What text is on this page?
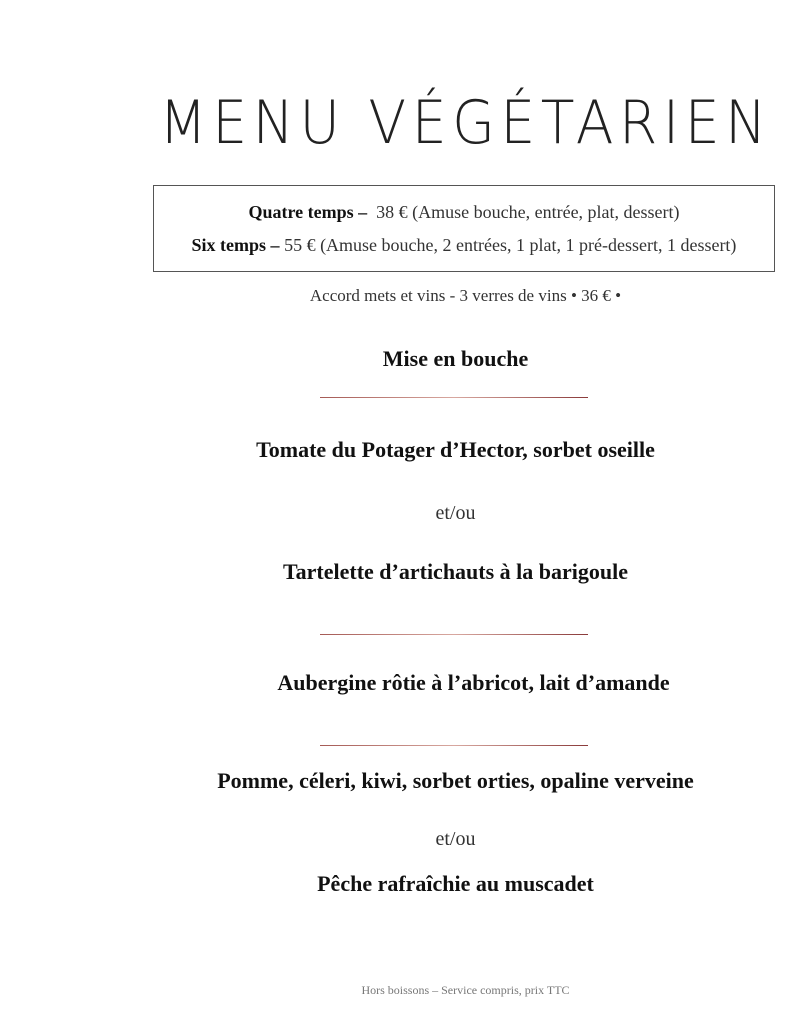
MENU VÉGÉTARIEN
Quatre temps – 38 € (Amuse bouche, entrée, plat, dessert)
Six temps – 55 € (Amuse bouche, 2 entrées, 1 plat, 1 pré-dessert, 1 dessert)
Accord mets et vins - 3 verres de vins • 36 € •
Mise en bouche
Tomate du Potager d’Hector, sorbet oseille
et/ou
Tartelette d’artichauts à la barigoule
Aubergine rôtie à l’abricot, lait d’amande
Pomme, céleri, kiwi, sorbet orties, opaline verveine
et/ou
Pêche rafraîchie au muscadet
Hors boissons – Service compris, prix TTC
